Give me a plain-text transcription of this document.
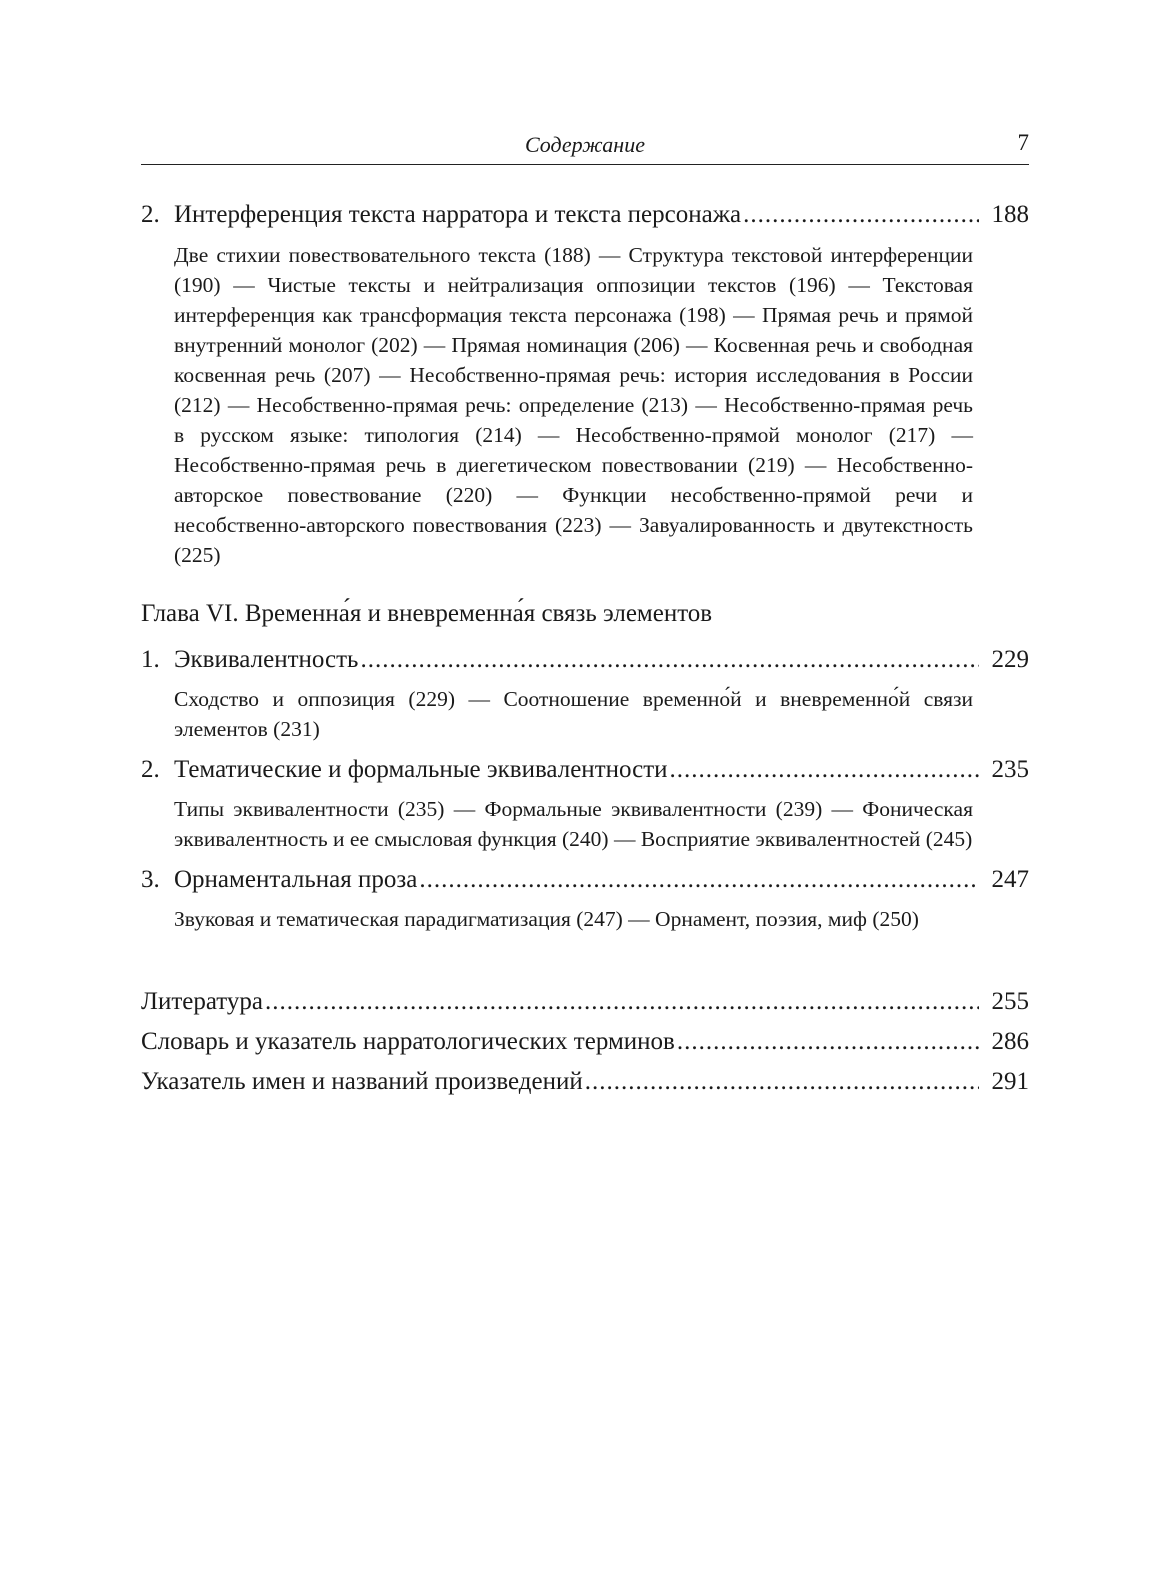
Содержание	7
2. Интерференция текста нарратора и текста персонажа .....	188
Две стихии повествовательного текста (188) — Структура текстовой интерференции (190) — Чистые тексты и нейтрализация оппозиции текстов (196) — Текстовая интерференция как трансформация текста персонажа (198) — Прямая речь и прямой внутренний монолог (202) — Прямая номинация (206) — Косвенная речь и свободная косвенная речь (207) — Несобственно-прямая речь: история исследования в России (212) — Несобственно-прямая речь: определение (213) — Несобственно-прямая речь в русском языке: типология (214) — Несобственно-прямой монолог (217) — Несобственно-прямая речь в диегетическом повествовании (219) — Несобственно-авторское повествование (220) — Функции несобственно-прямой речи и несобственно-авторского повествования (223) — Завуалированность и двутекстность (225)
Глава VI. Временна́я и вневременна́я связь элементов
1. Эквивалентность .....	229
Сходство и оппозиция (229) — Соотношение временно́й и вневременно́й связи элементов (231)
2. Тематические и формальные эквивалентности .....	235
Типы эквивалентности (235) — Формальные эквивалентности (239) — Фоническая эквивалентность и ее смысловая функция (240) — Восприятие эквивалентностей (245)
3. Орнаментальная проза .....	247
Звуковая и тематическая парадигматизация (247) — Орнамент, поэзия, миф (250)
Литература .....	255
Словарь и указатель нарратологических терминов .....	286
Указатель имен и названий произведений .....	291
